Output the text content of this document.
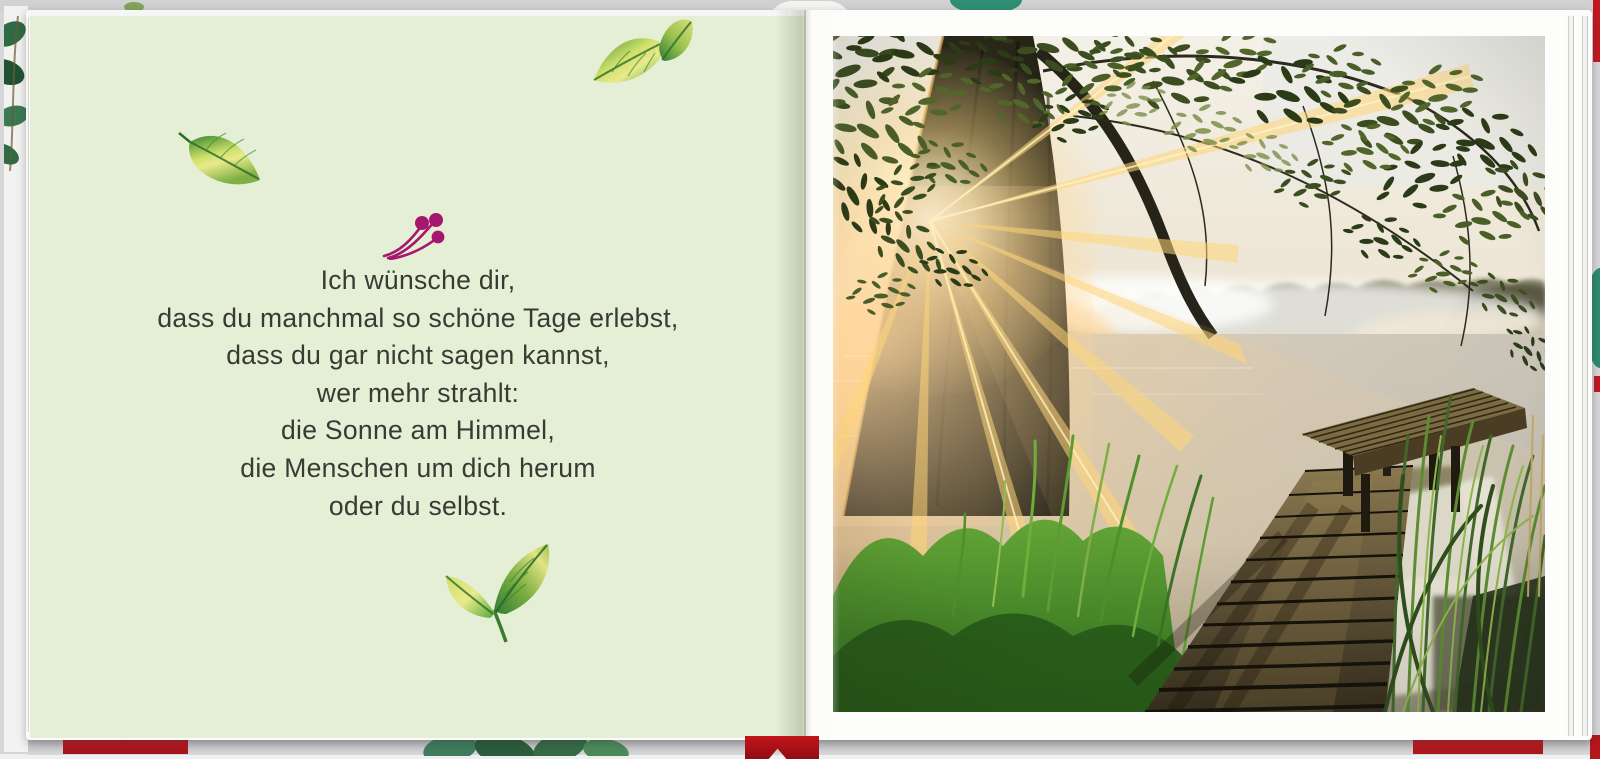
Ich wünsche dir,

dass du manchmal so schöne Tage erlebst,

dass du gar nicht sagen kannst,

wer mehr strahlt:

die Sonne am Himmel,

die Menschen um dich herum

oder du selbst.
